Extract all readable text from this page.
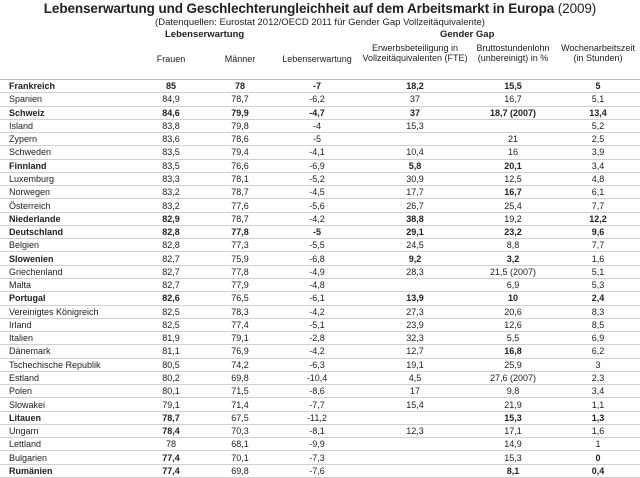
Lebenserwartung und Geschlechterungleichheit auf dem Arbeitsmarkt in Europa (2009)
(Datenquellen: Eurostat 2012/OECD 2011 für Gender Gap Vollzeitäquivalente)
Lebenserwartung	Gender Gap
Frauen	Männer	Lebenserwartung
Erwerbsbeteiligung in
Vollzeitäquivalenten (FTE)
Bruttostundenlohn
(unbereinigt) in %
Wochenarbeitszeit
(in Stunden)
Frankreich	85	78	-7	18,2	15,5	5
Spanien	84,9	78,7	-6,2	37	16,7	5,1
Schweiz	84,6	79,9	-4,7	37	18,7 (2007)	13,4
Island	83,8	79,8	-4	15,3		5,2
Zypern	83,6	78,6	-5		21	2,5
Schweden	83,5	79,4	-4,1	10,4	16	3,9
Finnland	83,5	76,6	-6,9	5,8	20,1	3,4
Luxemburg	83,3	78,1	-5,2	30,9	12,5	4,8
Norwegen	83,2	78,7	-4,5	17,7	16,7	6,1
Österreich	83,2	77,6	-5,6	26,7	25,4	7,7
Niederlande	82,9	78,7	-4,2	38,8	19,2	12,2
Deutschland	82,8	77,8	-5	29,1	23,2	9,6
Belgien	82,8	77,3	-5,5	24,5	8,8	7,7
Slowenien	82,7	75,9	-6,8	9,2	3,2	1,6
Griechenland	82,7	77,8	-4,9	28,3	21,5 (2007)	5,1
Malta	82,7	77,9	-4,8		6,9	5,3
Portugal	82,6	76,5	-6,1	13,9	10	2,4
Vereinigtes Königreich	82,5	78,3	-4,2	27,3	20,6	8,3
Irland	82,5	77,4	-5,1	23,9	12,6	8,5
Italien	81,9	79,1	-2,8	32,3	5,5	6,9
Dänemark	81,1	76,9	-4,2	12,7	16,8	6,2
Tschechische Republik	80,5	74,2	-6,3	19,1	25,9	3
Estland	80,2	69,8	-10,4	4,5	27,6 (2007)	2,3
Polen	80,1	71,5	-8,6	17	9,8	3,4
Slowakei	79,1	71,4	-7,7	15,4	21,9	1,1
Litauen	78,7	67,5	-11,2		15,3	1,3
Ungarn	78,4	70,3	-8,1	12,3	17,1	1,6
Lettland	78	68,1	-9,9		14,9	1
Bulgarien	77,4	70,1	-7,3		15,3	0
Rumänien	77,4	69,8	-7,6		8,1	0,4
